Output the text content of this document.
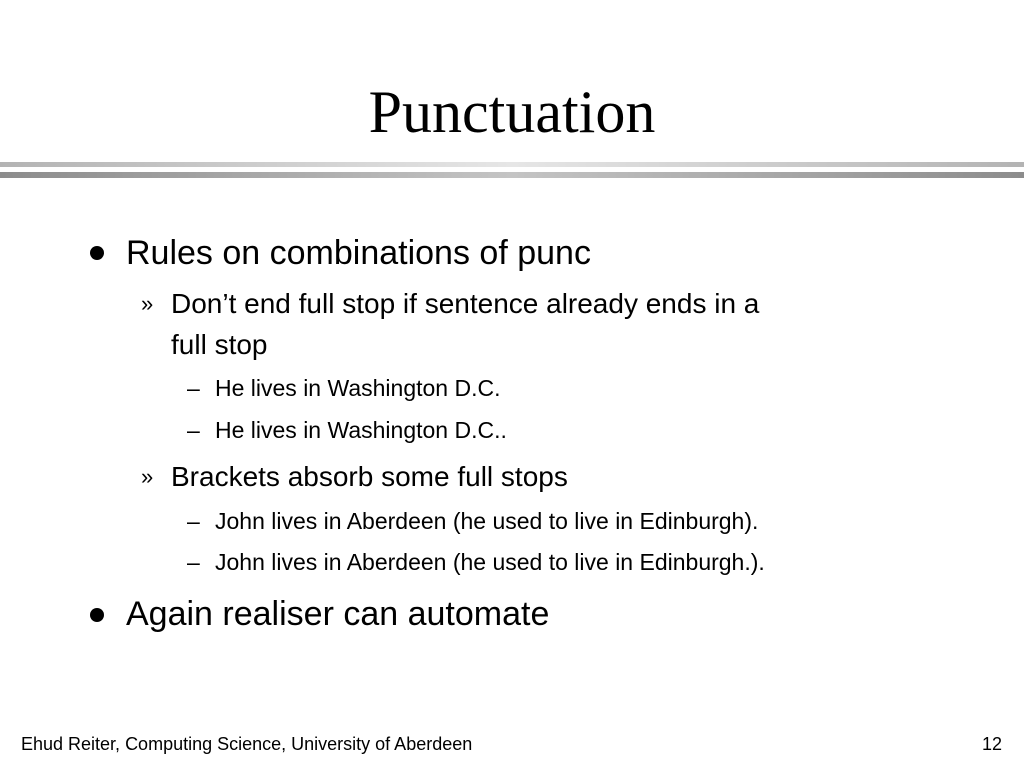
Punctuation
Rules on combinations of punc
» Don’t end full stop if sentence already ends in a
full stop
– He lives in Washington D.C.
– He lives in Washington D.C..
» Brackets absorb some full stops
– John lives in Aberdeen (he used to live in Edinburgh).
– John lives in Aberdeen (he used to live in Edinburgh.).
Again realiser can automate
Ehud Reiter, Computing Science, University of Aberdeen	12
